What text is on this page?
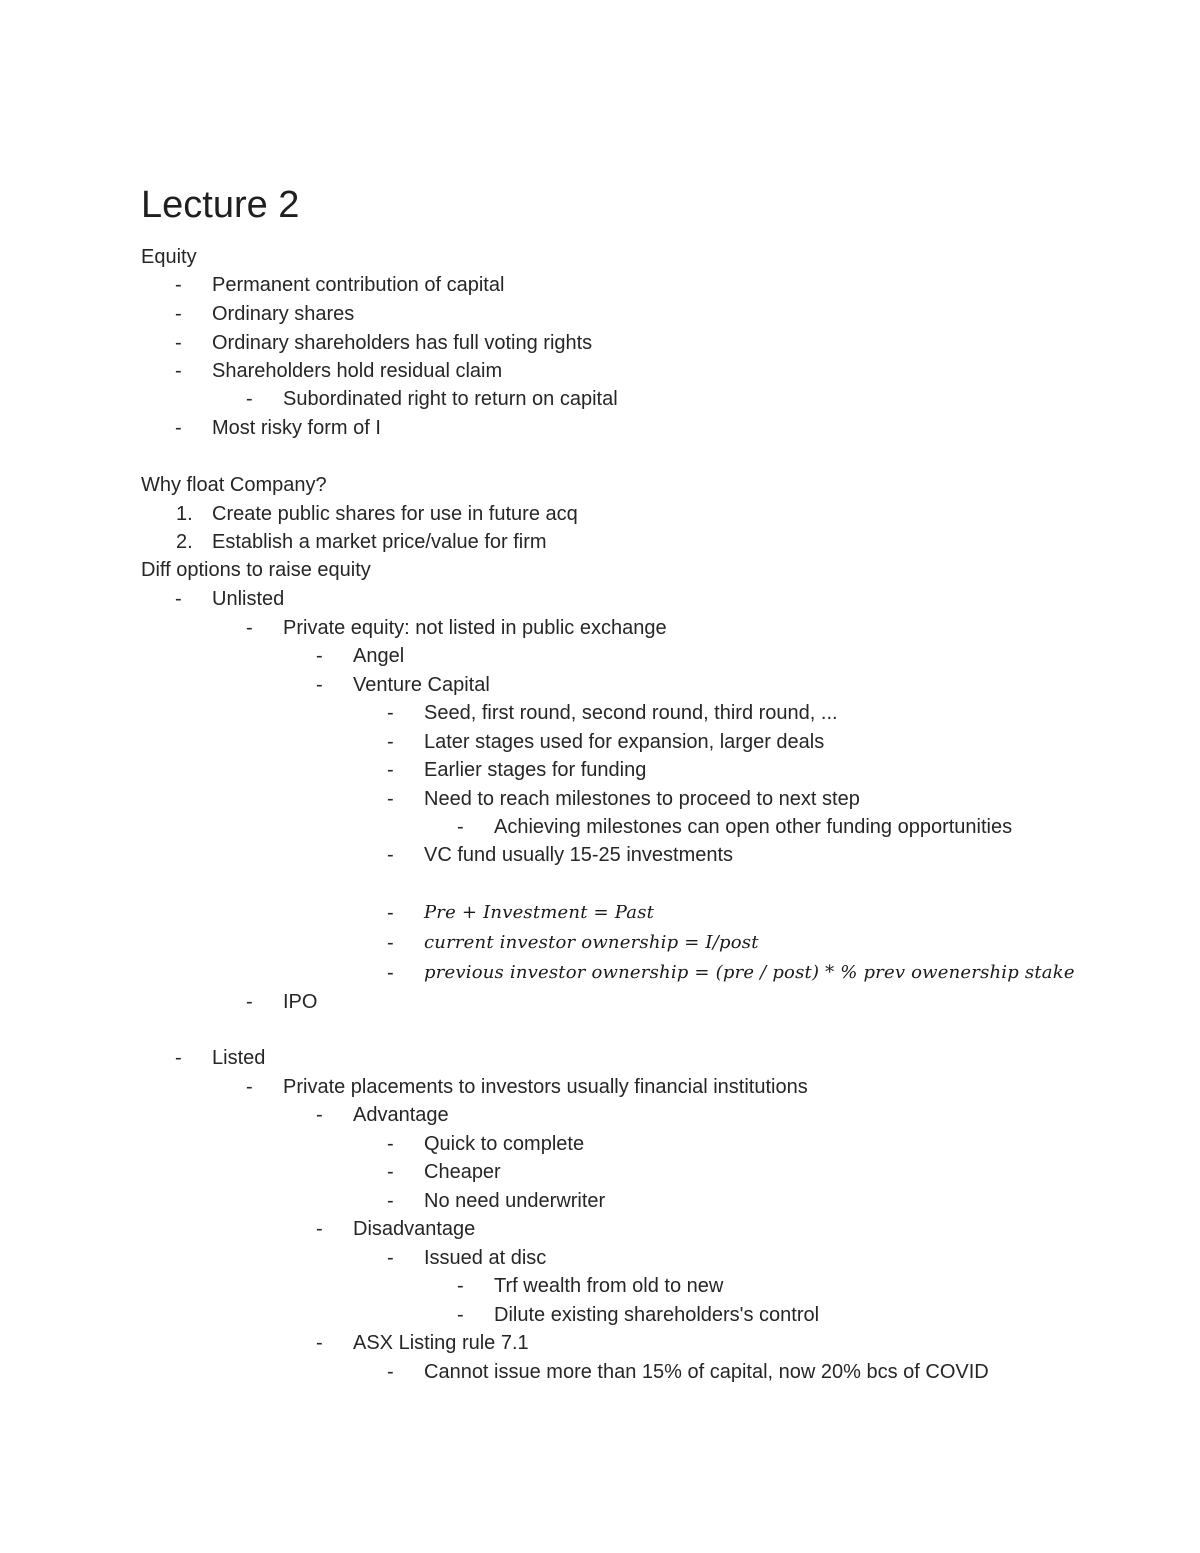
Lecture 2
Equity
- Permanent contribution of capital
- Ordinary shares
- Ordinary shareholders has full voting rights
- Shareholders hold residual claim
- Subordinated right to return on capital
- Most risky form of I
Why float Company?
1. Create public shares for use in future acq
2. Establish a market price/value for firm
Diff options to raise equity
- Unlisted
- Private equity: not listed in public exchange
- Angel
- Venture Capital
- Seed, first round, second round, third round, ...
- Later stages used for expansion, larger deals
- Earlier stages for funding
- Need to reach milestones to proceed to next step
- Achieving milestones can open other funding opportunities
- VC fund usually 15-25 investments
- Pre + Investment = Past
- current investor ownership = I/post
- previous investor ownership = (pre / post) * % prev owenership stake
- IPO
- Listed
- Private placements to investors usually financial institutions
- Advantage
- Quick to complete
- Cheaper
- No need underwriter
- Disadvantage
- Issued at disc
- Trf wealth from old to new
- Dilute existing shareholders's control
- ASX Listing rule 7.1
- Cannot issue more than 15% of capital, now 20% bcs of COVID
